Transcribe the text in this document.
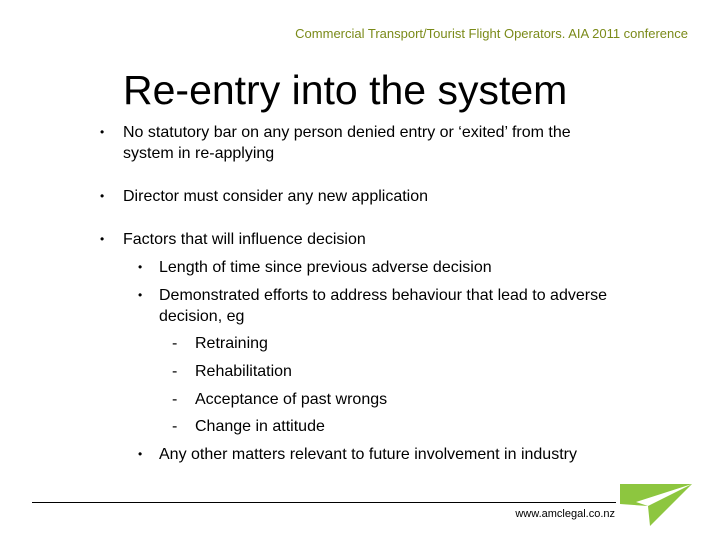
Commercial Transport/Tourist Flight Operators. AIA 2011 conference
Re-entry into the system
• No statutory bar on any person denied entry or ‘exited’ from the system in re-applying
• Director must consider any new application
• Factors that will influence decision
• Length of time since previous adverse decision
• Demonstrated efforts to address behaviour that lead to adverse decision, eg
- Retraining
- Rehabilitation
- Acceptance of past wrongs
- Change in attitude
• Any other matters relevant to future involvement in industry
www.amclegal.co.nz
